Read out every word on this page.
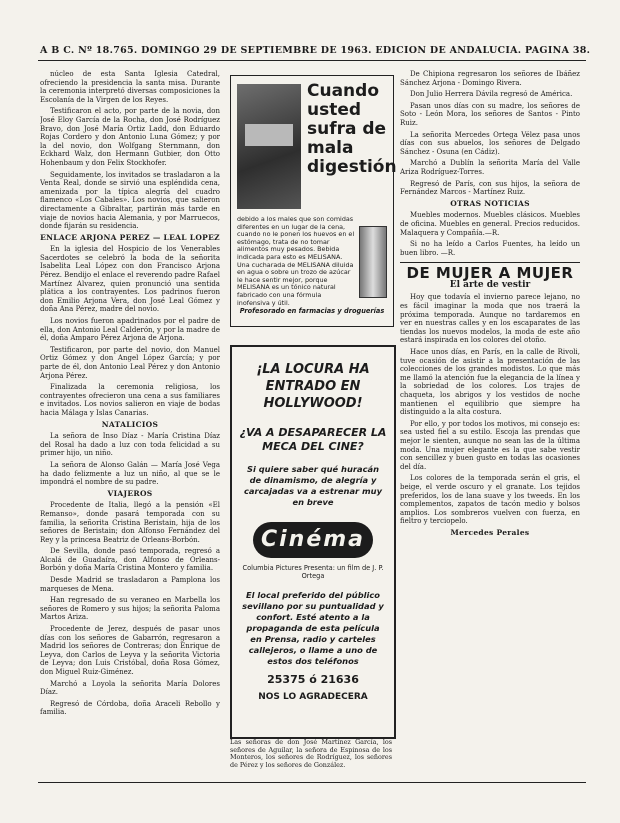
A B C. Nº 18.765. DOMINGO 29 DE SEPTIEMBRE DE 1963. EDICION DE ANDALUCIA. PAGINA 38.

núcleo de esta Santa Iglesia Catedral, ofreciendo la presidencia la santa misa. Durante la ceremonia interpretó diversas composiciones la Escolanía de la Virgen de los Reyes.

Testificaron el acto, por parte de la novia, don José Eloy García de la Rocha, don José Rodríguez Bravo, don José María Ortiz Ladd, don Eduardo Rojas Cordero y don Antonio Luna Gómez; y por la del novio, don Wolfgang Sternmann, don Eckhard Walz, don Hermann Gutbier, don Otto Hohenbaum y don Felix Stockhofer.

Seguidamente, los invitados se trasladaron a la Venta Real, donde se sirvió una espléndida cena, amenizada por la típica alegría del cuadro flamenco «Los Cabales». Los novios, que salieron directamente a Gibraltar, partirán más tarde en viaje de novios hacia Alemania, y por Marruecos, donde fijarán su residencia.

ENLACE ARJONA PEREZ — LEAL LOPEZ

En la iglesia del Hospicio de los Venerables Sacerdotes se celebró la boda de la señorita Isabelita Leal López con don Francisco Arjona Pérez. Bendijo el enlace el reverendo padre Rafael Martínez Alvarez, quien pronunció una sentida plática a los contrayentes. Los padrinos fueron don Emilio Arjona Vera, don José Leal Gómez y doña Ana Pérez, madre del novio.

Los novios fueron apadrinados por el padre de ella, don Antonio Leal Calderón, y por la madre de él, doña Amparo Pérez Arjona de Arjona.

Testificaron, por parte del novio, don Manuel Ortiz Gómez y don Angel López García; y por parte de él, don Antonio Leal Pérez y don Antonio Arjona Pérez.

Finalizada la ceremonia religiosa, los contrayentes ofrecieron una cena a sus familiares e invitados. Los novios salieron en viaje de bodas hacia Málaga y Islas Canarias.

NATALICIOS

La señora de Inso Díaz - María Cristina Díaz del Rosal ha dado a luz con toda felicidad a su primer hijo, un niño.

La señora de Alonso Galán — María José Vega ha dado felizmente a luz un niño, al que se le impondrá el nombre de su padre.

VIAJEROS

Procedente de Italia, llegó a la pensión «El Remanso», donde pasará temporada con su familia, la señorita Cristina Beristain, hija de los señores de Beristain; don Alfonso Fernández del Rey y la princesa Beatriz de Orleans-Borbón.

De Sevilla, donde pasó temporada, regresó a Alcalá de Guadaíra, don Alfonso de Orleans-Borbón y doña María Cristina Montero y familia.

Desde Madrid se trasladaron a Pamplona los marqueses de Mena.

Han regresado de su veraneo en Marbella los señores de Romero y sus hijos; la señorita Paloma Martos Ariza.

Procedente de Jerez, después de pasar unos días con los señores de Gabarrón, regresaron a Madrid los señores de Contreras; don Enrique de Leyva, don Carlos de Leyva y la señorita Victoria de Leyva; don Luis Cristóbal, doña Rosa Gómez, don Miguel Ruiz-Giménez.

Marchó a Loyola la señorita María Dolores Díaz.

Regresó de Córdoba, doña Araceli Rebollo y familia.

Cuando usted sufra de mala digestión
debido a los males que son comidas diferentes en un lugar de la cena, cuando no le ponen los huevos en el estómago, trata de no tomar alimentos muy pesados. Bebida indicada para esto es MELISANA. Una cucharada de MELISANA diluida en agua o sobre un trozo de azúcar le hace sentir mejor, porque MELISANA es un tónico natural fabricado con una fórmula inofensiva y útil.
Profesorado en farmacias y droguerías
¡LA LOCURA HA ENTRADO EN HOLLYWOOD!
¿VA A DESAPARECER LA MECA DEL CINE?
Si quiere saber qué huracán de dinamismo, de alegría y carcajadas va a estrenar muy en breve
Cinéma
Columbia Pictures Presenta: un film de J. P. Ortega
El local preferido del público sevillano por su puntualidad y confort. Esté atento a la propaganda de esta película en Prensa, radio y carteles callejeros, o llame a uno de estos dos teléfonos
25375 ó 21636
NOS LO AGRADECERA
Las señoras de don José Martínez García, los señores de Aguilar, la señora de Espinosa de los Monteros, los señores de Rodríguez, los señores de Pérez y los señores de González.

De Chipiona regresaron los señores de Ibáñez Sánchez Arjona - Domingo Rivera.

Don Julio Herrera Dávila regresó de América.

Pasan unos días con su madre, los señores de Soto - León Mora, los señores de Santos - Pinto Ruiz.

La señorita Mercedes Ortega Vélez pasa unos días con sus abuelos, los señores de Delgado Sánchez - Osuna (en Cádiz).

Marchó a Dublín la señorita María del Valle Ariza Rodríguez-Torres.

Regresó de París, con sus hijos, la señora de Fernández Marcos - Martínez Ruiz.

OTRAS NOTICIAS

Muebles modernos. Muebles clásicos. Muebles de oficina. Muebles en general. Precios reducidos. Malaquera y Compañía.—R.

Si no ha leído a Carlos Fuentes, ha leído un buen libro. —R.

DE MUJER A MUJER
El arte de vestir

Hoy que todavía el invierno parece lejano, no es fácil imaginar la moda que nos traerá la próxima temporada. Aunque no tardaremos en ver en nuestras calles y en los escaparates de las tiendas los nuevos modelos, la moda de este año estará inspirada en los colores del otoño.

Hace unos días, en París, en la calle de Rivoli, tuve ocasión de asistir a la presentación de las colecciones de los grandes modistos. Lo que más me llamó la atención fue la elegancia de la línea y la sobriedad de los colores. Los trajes de chaqueta, los abrigos y los vestidos de noche mantienen el equilibrio que siempre ha distinguido a la alta costura.

Por ello, y por todos los motivos, mi consejo es: sea usted fiel a su estilo. Escoja las prendas que mejor le sienten, aunque no sean las de la última moda. Una mujer elegante es la que sabe vestir con sencillez y buen gusto en todas las ocasiones del día.

Los colores de la temporada serán el gris, el beige, el verde oscuro y el granate. Los tejidos preferidos, los de lana suave y los tweeds. En los complementos, zapatos de tacón medio y bolsos amplios. Los sombreros vuelven con fuerza, en fieltro y terciopelo.

Mercedes Perales
